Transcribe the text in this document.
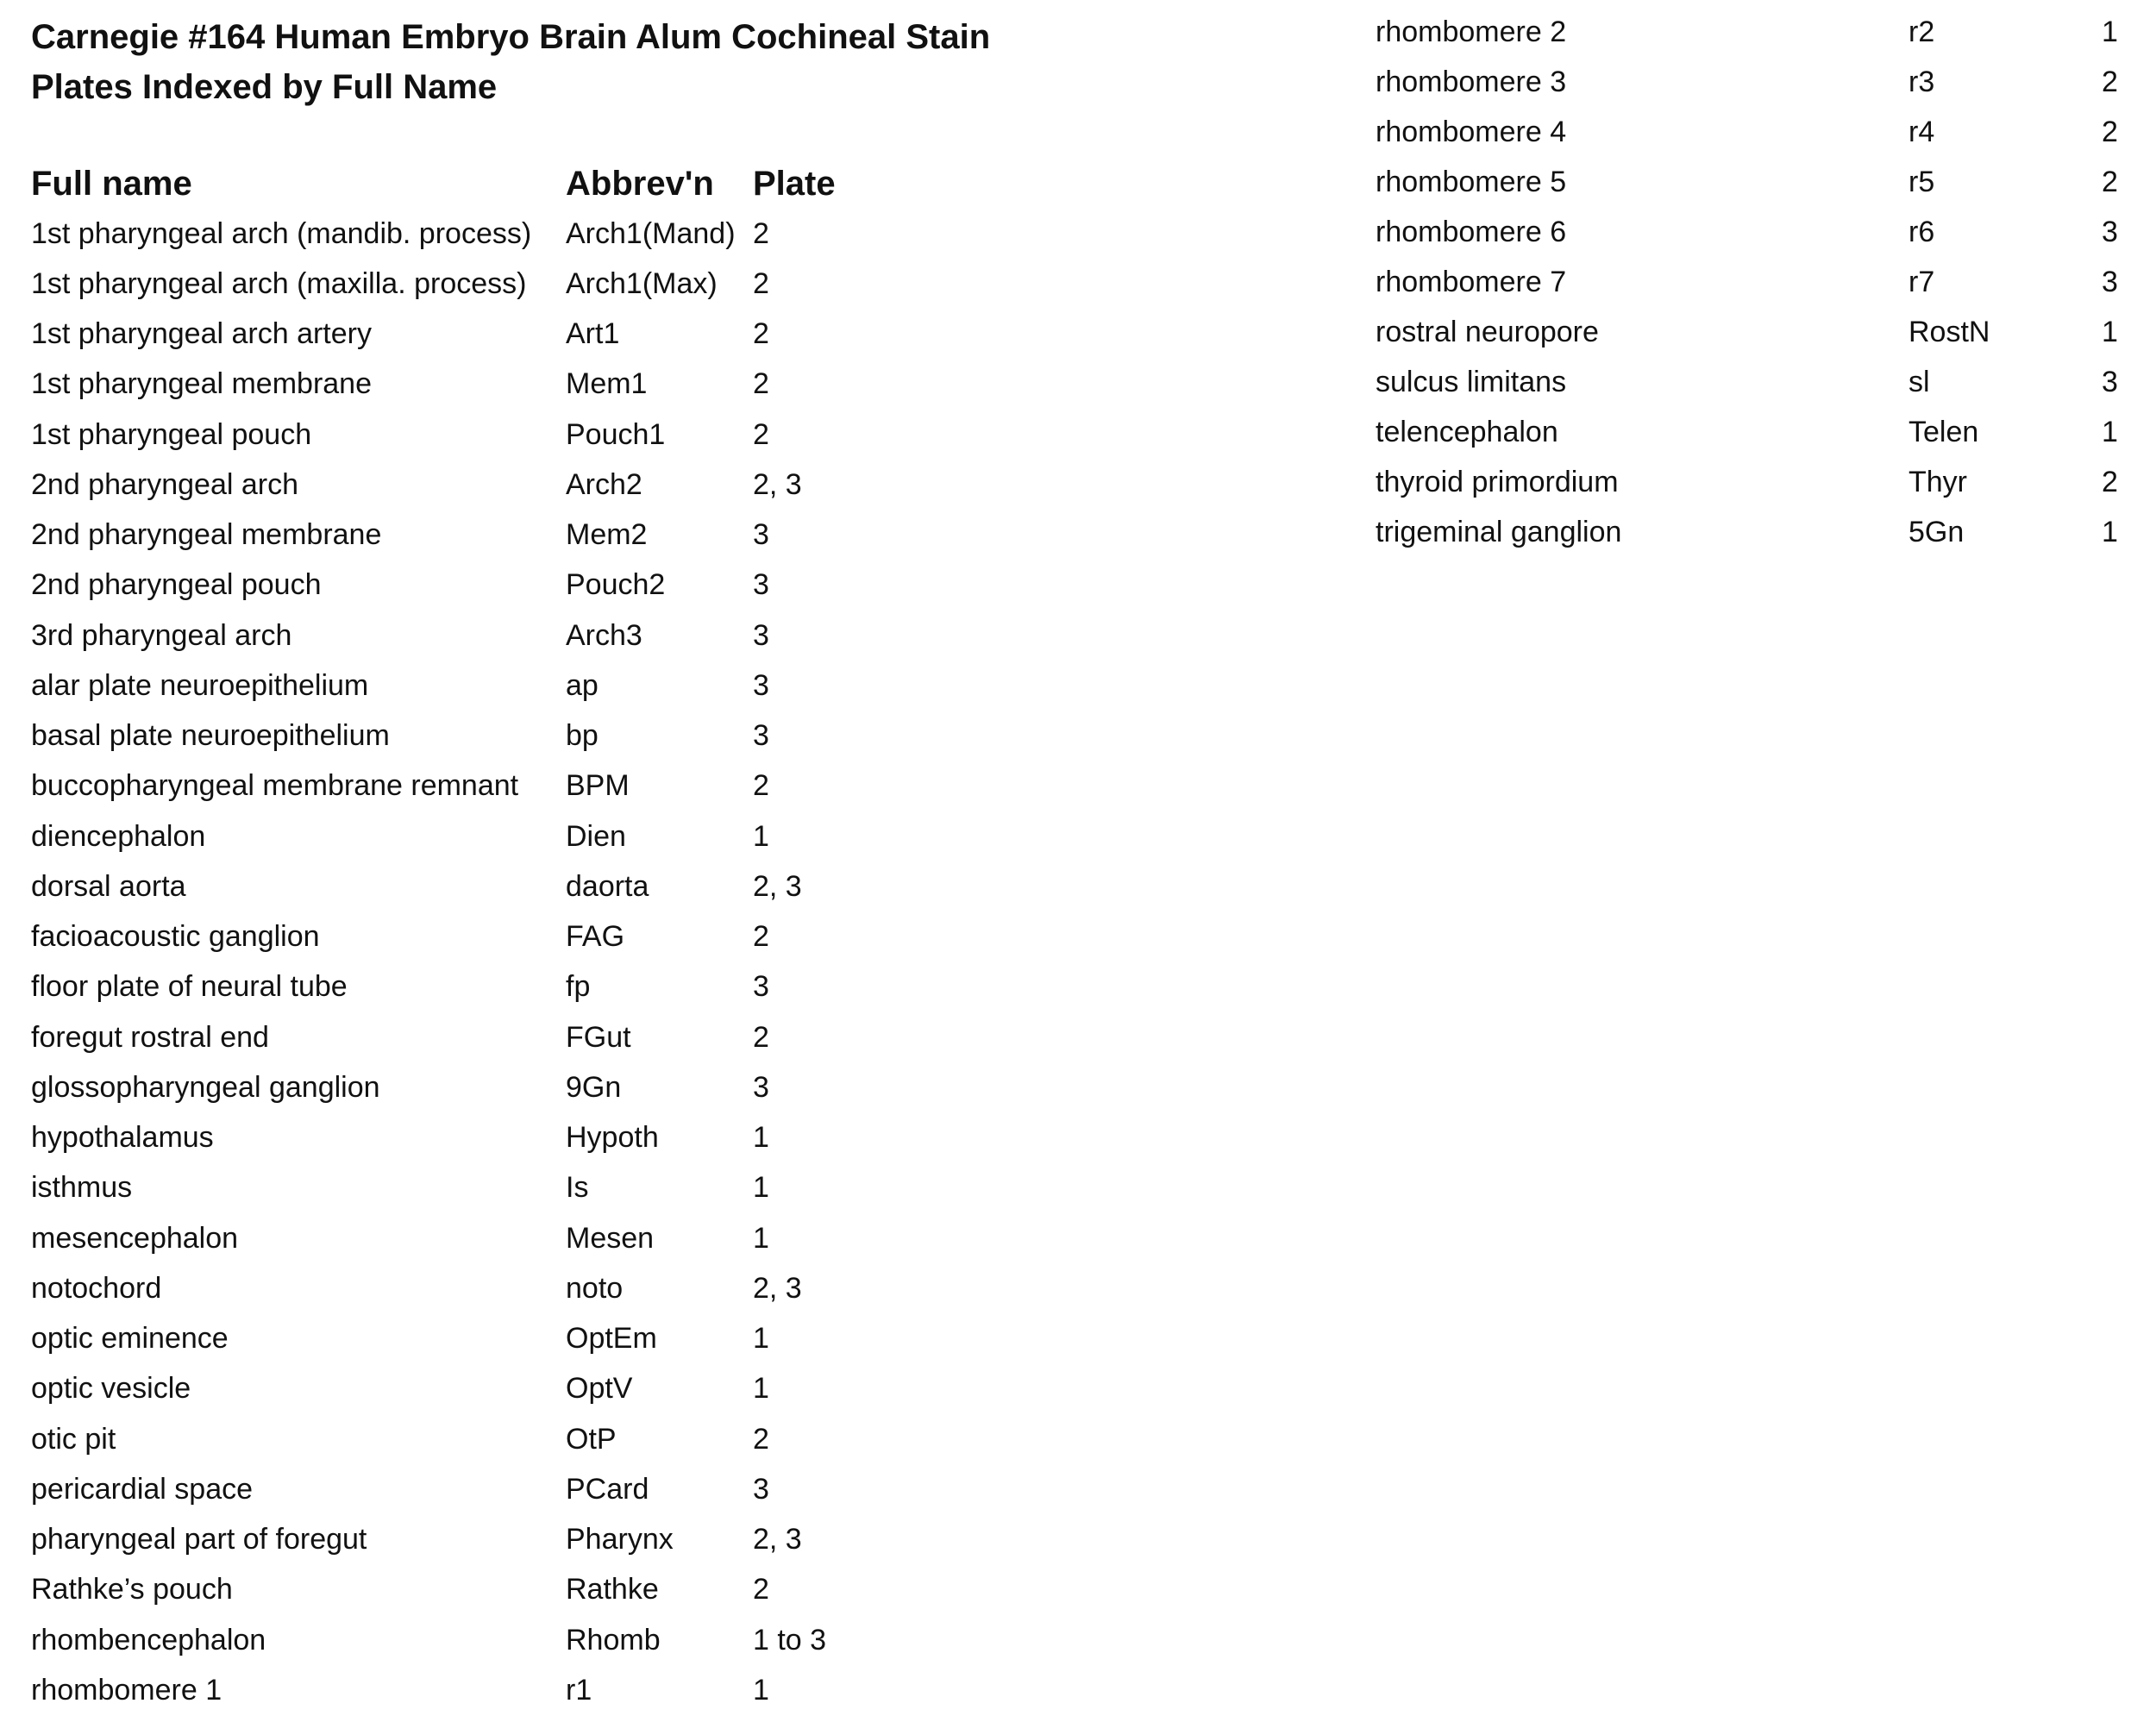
Carnegie #164 Human Embryo Brain Alum Cochineal Stain
Plates Indexed by Full Name
Full name	Abbrev'n	Plate
1st pharyngeal arch (mandib. process)	Arch1(Mand)	2
1st pharyngeal arch (maxilla. process)	Arch1(Max)	2
1st pharyngeal arch artery	Art1	2
1st pharyngeal membrane	Mem1	2
1st pharyngeal pouch	Pouch1	2
2nd pharyngeal arch	Arch2	2, 3
2nd pharyngeal membrane	Mem2	3
2nd pharyngeal pouch	Pouch2	3
3rd pharyngeal arch	Arch3	3
alar plate neuroepithelium	ap	3
basal plate neuroepithelium	bp	3
buccopharyngeal membrane remnant	BPM	2
diencephalon	Dien	1
dorsal aorta	daorta	2, 3
facioacoustic ganglion	FAG	2
floor plate of neural tube	fp	3
foregut rostral end	FGut	2
glossopharyngeal ganglion	9Gn	3
hypothalamus	Hypoth	1
isthmus	Is	1
mesencephalon	Mesen	1
notochord	noto	2, 3
optic eminence	OptEm	1
optic vesicle	OptV	1
otic pit	OtP	2
pericardial space	PCard	3
pharyngeal part of foregut	Pharynx	2, 3
Rathke’s pouch	Rathke	2
rhombencephalon	Rhomb	1 to 3
rhombomere 1	r1	1
rhombomere 2	r2	1
rhombomere 3	r3	2
rhombomere 4	r4	2
rhombomere 5	r5	2
rhombomere 6	r6	3
rhombomere 7	r7	3
rostral neuropore	RostN	1
sulcus limitans	sl	3
telencephalon	Telen	1
thyroid primordium	Thyr	2
trigeminal ganglion	5Gn	1
